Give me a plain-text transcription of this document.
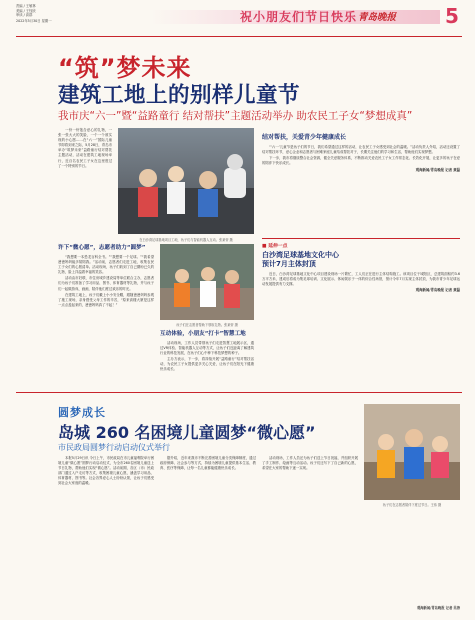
责编 / 王敏林
美编 / 王钰欣
审读 / 高群
2022年5月30日 星期一	祝小朋友们节日快乐 青岛晚报 5
“筑”梦未来
建筑工地上的别样儿童节
我市庆“六一”暨“益路童行 结对帮扶”主题活动举办 助农民工子女“梦想成真”

一份一份饱含爱心的礼物，一张一张大大的笑脸，一个一个被实现的小心愿……在“六一”国际儿童节即将到来之际，5月28日，青岛市举办“筑梦未来”益路童行结对帮扶主题活动，活动在建筑工地现场举行，近百名农民工子女在这里度过了一个特别的节日。

在白沙湾足球基地项目工地，孩子们与智能机器人互动。张莱蒂 摄
许下“微心愿”，志愿者助力“圆梦”

“我想要一本恐龙百科全书。”“我想要一个足球。”“我希望爸爸妈妈能多陪陪我。”活动前，志愿者们走进工地，收集农民工子女们的心愿清单。活动现场，孩子们收到了自己期盼已久的礼物，脸上洋溢着幸福的笑容。

活动由市妇联、市住房城乡建设局等单位联合主办，志愿者们为孩子们准备了学习用品、图书、体育器材等礼物，并与孩子们一起做游戏、画画，陪伴他们度过欢乐的时光。

在建筑工地上，孩子们戴上小小安全帽，跟随爸爸妈妈参观了施工现场，亲身感受父母工作的辛苦，“原来高楼大厦是这样一点点盖起来的，爸爸妈妈真了不起！”

孩子们在志愿者帮助下领取礼物。张莱蒂 摄
互动体验，小朋友“打卡”智慧工地

活动现场，工作人员带领孩子们走进智慧工地展示区，通过VR体验、智能机器人互动等方式，让孩子们近距离了解建筑行业的科技发展，在孩子们心中种下科技梦想的种子。

主办方表示，下一步，将持续开展“益路童行”结对帮扶活动，为农民工子女提供更多关心关爱，让孩子们在阳光下健康快乐成长。

结对帮扶，关爱青少年健康成长

“‘六一’儿童节是孩子们的节日，我们希望通过这样的活动，让农民工子女感受到社会的温暖。”活动负责人介绍，活动还设置了结对帮扶环节，爱心企业和志愿者与困难家庭儿童结成帮扶对子，长期关注他们的学习和生活，帮助他们实现梦想。

下一步，我市将继续整合社会资源，健全关爱服务体系，不断推动关爱农民工子女工作常态化、长效化开展，让更多的孩子在爱的陪伴下快乐成长。

观海新闻/青岛晚报 记者 黄磊
■ 延伸一点
白沙湾足球基地文化中心
预计7月主体封顶

近日，白沙湾足球基地文化中心项目建设现场一片繁忙，工人们正在进行主体结构施工。该项目位于城阳区，总建筑面积约3.6万平方米，建成后将成为集足球培训、文化展示、休闲娱乐于一体的综合性场馆，预计今年7月实现主体封顶，为我市青少年足球运动发展提供有力支撑。

观海新闻/青岛晚报 记者 黄磊
圆梦成长
岛城 260 名困境儿童圆梦“微心愿”
市民政局圆梦行动启动仪式举行

本报5月29日讯 今日上午，市民政局在市儿童福利院举行困境儿童“微心愿”圆梦行动启动仪式，为全市260名困境儿童送上节日礼物，帮助他们实现“微心愿”。活动前期，各区（市）民政部门通过入户走访等方式，收集困境儿童心愿，涵盖学习用品、体育器材、图书等。社会各界爱心人士纷纷认领，让孩子们感受到社会大家庭的温暖。

据介绍，近年来我市不断完善困境儿童分类保障制度，通过政府保障、社会参与等方式，持续为困境儿童提供基本生活、教育、医疗等保障，让每一名儿童都能健康快乐成长。

活动现场，工作人员还为孩子们送上节日祝福，并组织开展了手工制作、绘画等互动活动。孩子们还写下了自己新的心愿，希望在大家的帮助下逐一实现。

孩子们在志愿者陪伴下度过节日。王伟 摄
观海新闻/青岛晚报 记者 吴涛
